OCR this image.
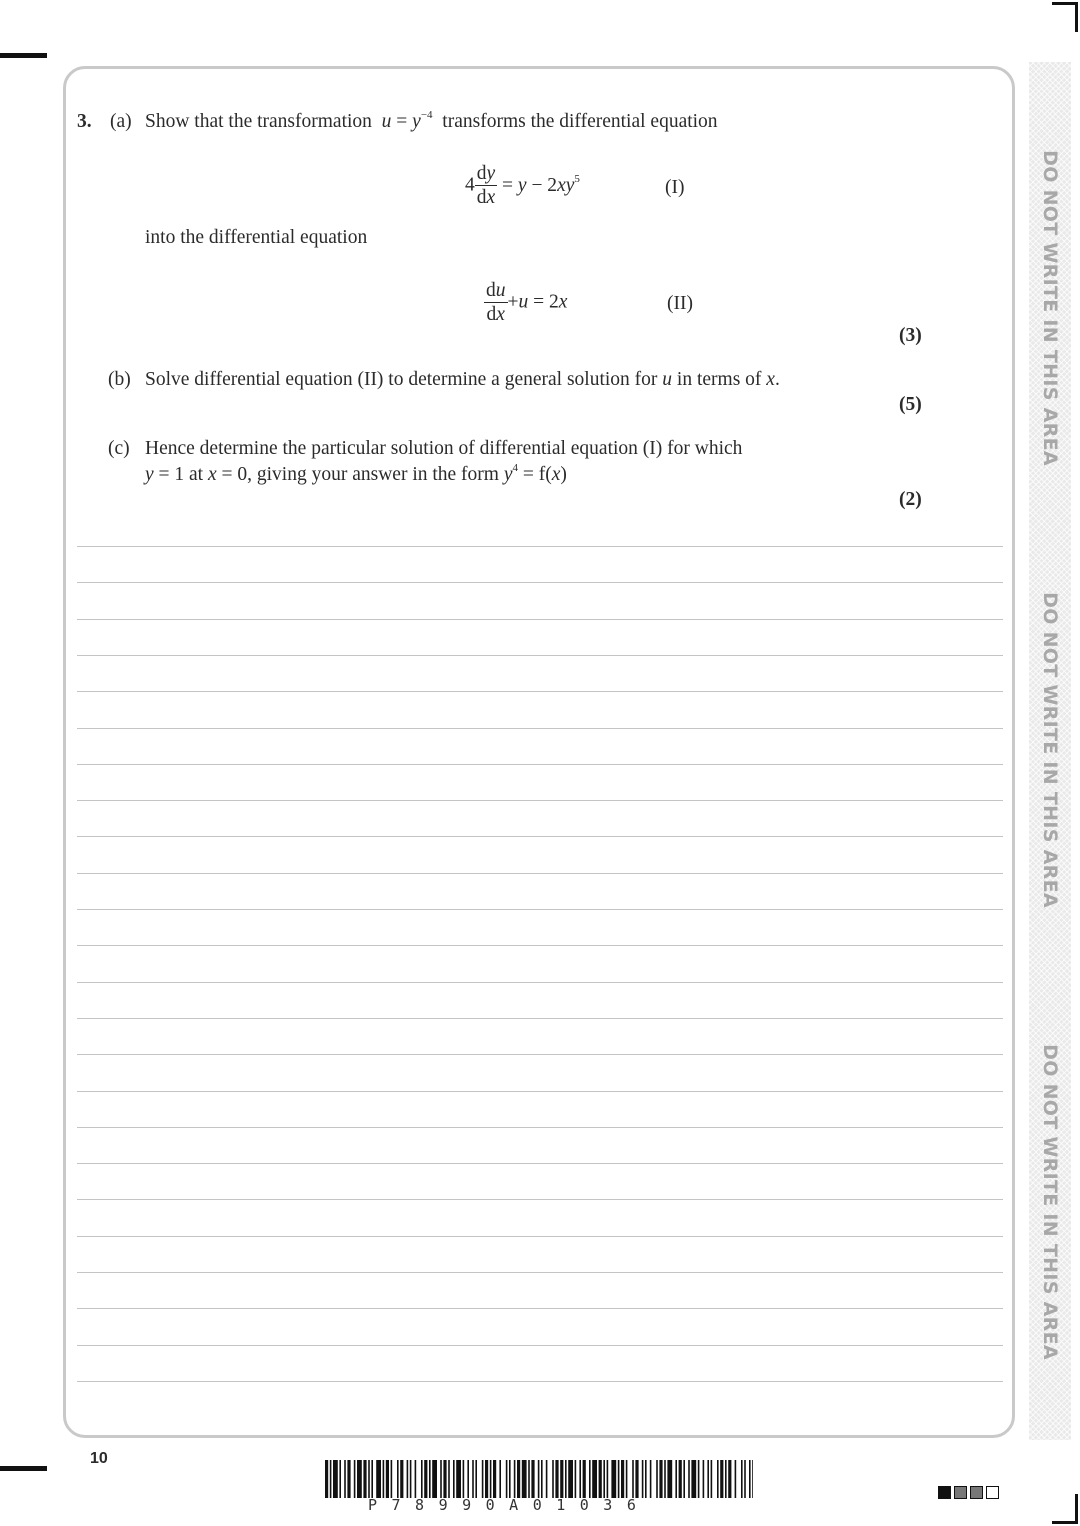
DO NOT WRITE IN THIS AREA
DO NOT WRITE IN THIS AREA
DO NOT WRITE IN THIS AREA
3. (a) Show that the transformation $u = y^{-4}$ transforms the differential equation
$4 \frac{dy}{dx} = y - 2xy^5$	(I)
into the differential equation
$\frac{du}{dx} +u = 2x$	(II)
(3)
(b) Solve differential equation (II) to determine a general solution for u in terms of x.
(5)
(c) Hence determine the particular solution of differential equation (I) for which
y = 1 at x = 0, giving your answer in the form $y^4 = f(x)$
(2)
10
P78990A01036
